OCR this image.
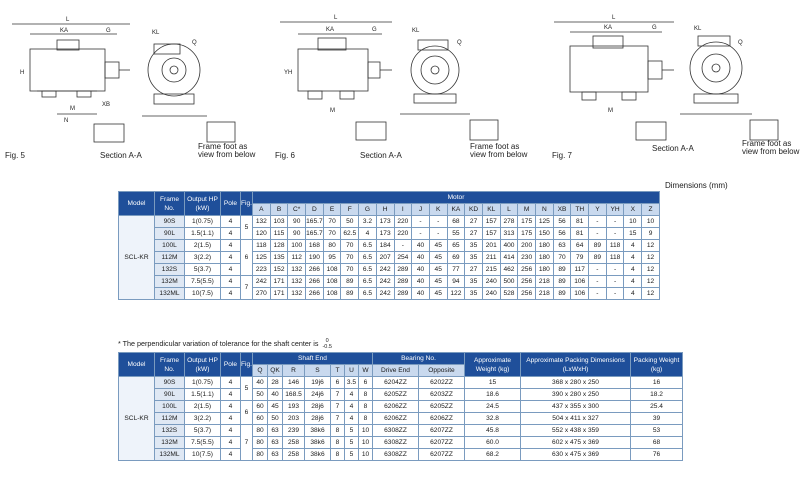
L
KA	G
M
N
XB
KL
Q
H
Fig. 5	Section A-A
Frame foot as view from below
L
KA	G
M
KL
Q
YH
Fig. 6	Section A-A
Frame foot as view from below
L
KA	G
M
KL
Q
Fig. 7
Section A-A
Frame foot as view from below
Dimensions (mm)
Model	Frame No.	Output HP (kW)	Pole	Fig.	Motor																						
					A	B	C*	D	E	F	G	H	I	J	K	KA	KD	KL	L	M	N	XB	TH	Y	YH	X	Z
SCL-KR	90S	1(0.75)	4	5	132	103	90	165.7	70	50	3.2	173	220	-	-	68	27	157	278	175	125	56	81	-	-	10	10
	90L	1.5(1.1)	4		120	115	90	165.7	70	62.5	4	173	220	-	-	55	27	157	313	175	150	56	81	-	-	15	9
	100L	2(1.5)	4	6	118	128	100	168	80	70	6.5	184	-	40	45	65	35	201	400	200	180	63	64	89	118	4	12
	112M	3(2.2)	4		125	135	112	190	95	70	6.5	207	254	40	45	69	35	211	414	230	180	70	79	89	118	4	12
	132S	5(3.7)	4		223	152	132	266	108	70	6.5	242	289	40	45	77	27	215	462	256	180	89	117	-	-	4	12
	132M	7.5(5.5)	4	7	242	171	132	266	108	89	6.5	242	289	40	45	94	35	240	500	256	218	89	106	-	-	4	12
	132ML	10(7.5)	4		270	171	132	266	108	89	6.5	242	289	40	45	122	35	240	528	256	218	89	106	-	-	4	12
* The perpendicular variation of tolerance for the shaft center is	0
-0.5
Model	Frame No.	Output HP (kW)	Pole	Fig.	Shaft End							Bearing No.		Approximate Weight (kg)	Approximate Packing Dimensions (LxWxH)	Packing Weight (kg)
					Q	QK	R	S	T	U	W	Drive End	Opposite			
SCL-KR	90S	1(0.75)	4	5	40	28	146	19j6	6	3.5	6	6204ZZ	6202ZZ	15	368 x 280 x 250	16
	90L	1.5(1.1)	4		50	40	168.5	24j6	7	4	8	6205ZZ	6203ZZ	18.6	390 x 280 x 250	18.2
	100L	2(1.5)	4	6	60	45	193	28j6	7	4	8	6206ZZ	6205ZZ	24.5	437 x 355 x 300	25.4
	112M	3(2.2)	4		60	50	203	28j6	7	4	8	6206ZZ	6206ZZ	32.8	504 x 411 x 327	39
	132S	5(3.7)	4	7	80	63	239	38k6	8	5	10	6308ZZ	6207ZZ	45.8	552 x 438 x 359	53
	132M	7.5(5.5)	4		80	63	258	38k6	8	5	10	6308ZZ	6207ZZ	60.0	602 x 475 x 369	68
	132ML	10(7.5)	4		80	63	258	38k6	8	5	10	6308ZZ	6207ZZ	68.2	630 x 475 x 369	76
